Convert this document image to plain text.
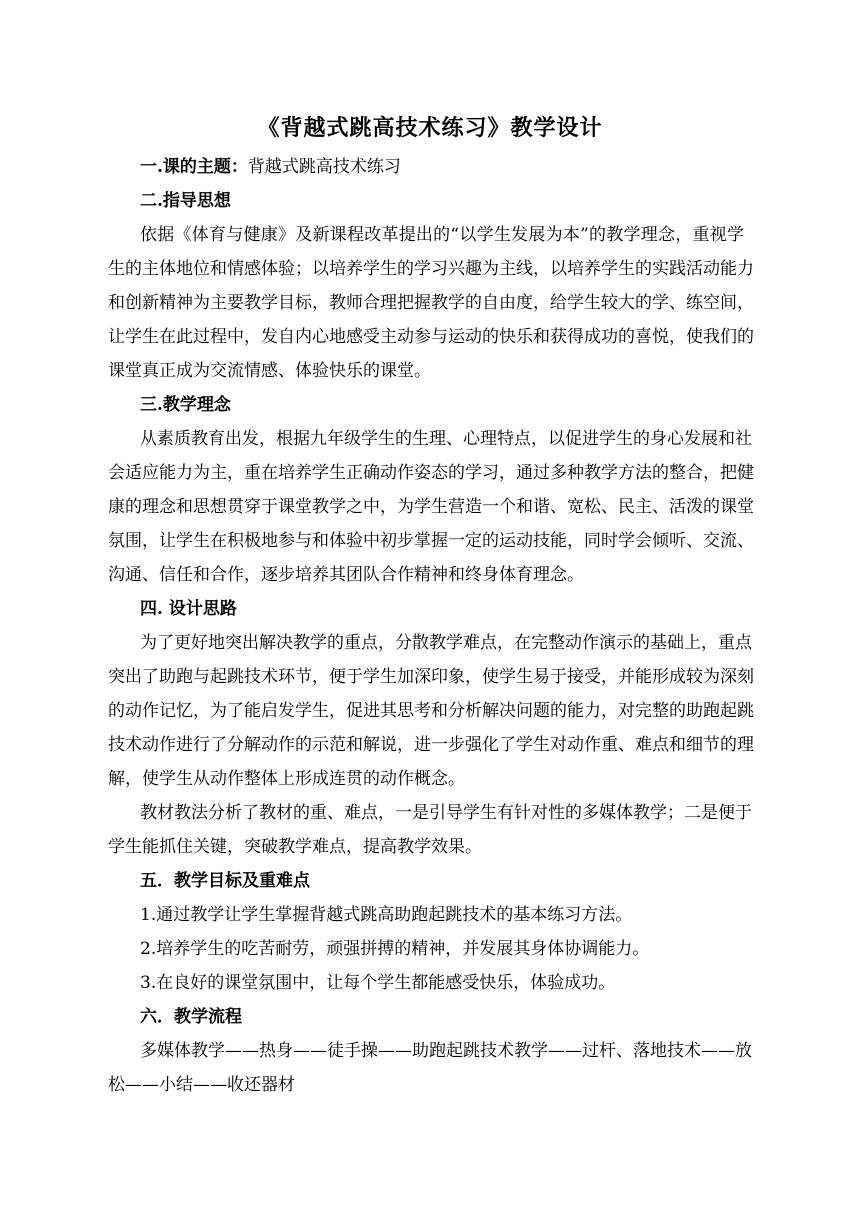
《背越式跳高技术练习》教学设计

一.课的主题：背越式跳高技术练习

二.指导思想

依据《体育与健康》及新课程改革提出的“以学生发展为本”的教学理念，重视学
生的主体地位和情感体验；以培养学生的学习兴趣为主线，以培养学生的实践活动能力
和创新精神为主要教学目标，教师合理把握教学的自由度，给学生较大的学、练空间，
让学生在此过程中，发自内心地感受主动参与运动的快乐和获得成功的喜悦，使我们的
课堂真正成为交流情感、体验快乐的课堂。

三.教学理念

从素质教育出发，根据九年级学生的生理、心理特点，以促进学生的身心发展和社
会适应能力为主，重在培养学生正确动作姿态的学习，通过多种教学方法的整合，把健
康的理念和思想贯穿于课堂教学之中，为学生营造一个和谐、宽松、民主、活泼的课堂
氛围，让学生在积极地参与和体验中初步掌握一定的运动技能，同时学会倾听、交流、
沟通、信任和合作，逐步培养其团队合作精神和终身体育理念。

四. 设计思路

为了更好地突出解决教学的重点，分散教学难点，在完整动作演示的基础上，重点
突出了助跑与起跳技术环节，便于学生加深印象，使学生易于接受，并能形成较为深刻
的动作记忆，为了能启发学生，促进其思考和分析解决问题的能力，对完整的助跑起跳
技术动作进行了分解动作的示范和解说，进一步强化了学生对动作重、难点和细节的理
解，使学生从动作整体上形成连贯的动作概念。
教材教法分析了教材的重、难点，一是引导学生有针对性的多媒体教学；二是便于
学生能抓住关键，突破教学难点，提高教学效果。

五．教学目标及重难点

1.通过教学让学生掌握背越式跳高助跑起跳技术的基本练习方法。

2.培养学生的吃苦耐劳，顽强拼搏的精神，并发展其身体协调能力。

3.在良好的课堂氛围中，让每个学生都能感受快乐，体验成功。

六．教学流程

多媒体教学——热身——徒手操——助跑起跳技术教学——过杆、落地技术——放
松——小结——收还器材
